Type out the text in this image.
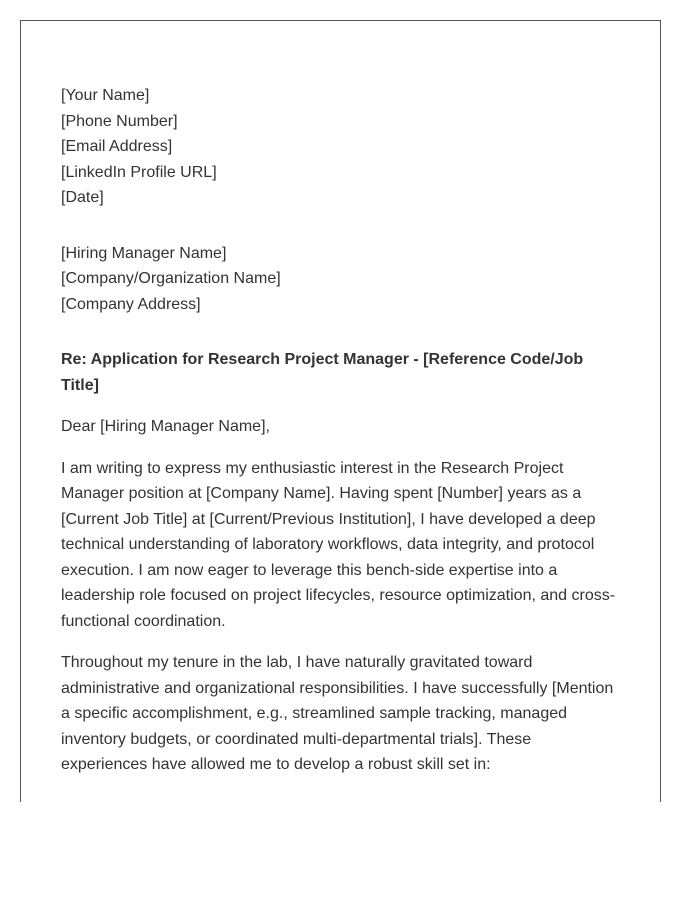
[Your Name]
[Phone Number]
[Email Address]
[LinkedIn Profile URL]
[Date]
[Hiring Manager Name]
[Company/Organization Name]
[Company Address]
Re: Application for Research Project Manager - [Reference Code/Job Title]
Dear [Hiring Manager Name],
I am writing to express my enthusiastic interest in the Research Project Manager position at [Company Name]. Having spent [Number] years as a [Current Job Title] at [Current/Previous Institution], I have developed a deep technical understanding of laboratory workflows, data integrity, and protocol execution. I am now eager to leverage this bench-side expertise into a leadership role focused on project lifecycles, resource optimization, and cross-functional coordination.
Throughout my tenure in the lab, I have naturally gravitated toward administrative and organizational responsibilities. I have successfully [Mention a specific accomplishment, e.g., streamlined sample tracking, managed inventory budgets, or coordinated multi-departmental trials]. These experiences have allowed me to develop a robust skill set in:
